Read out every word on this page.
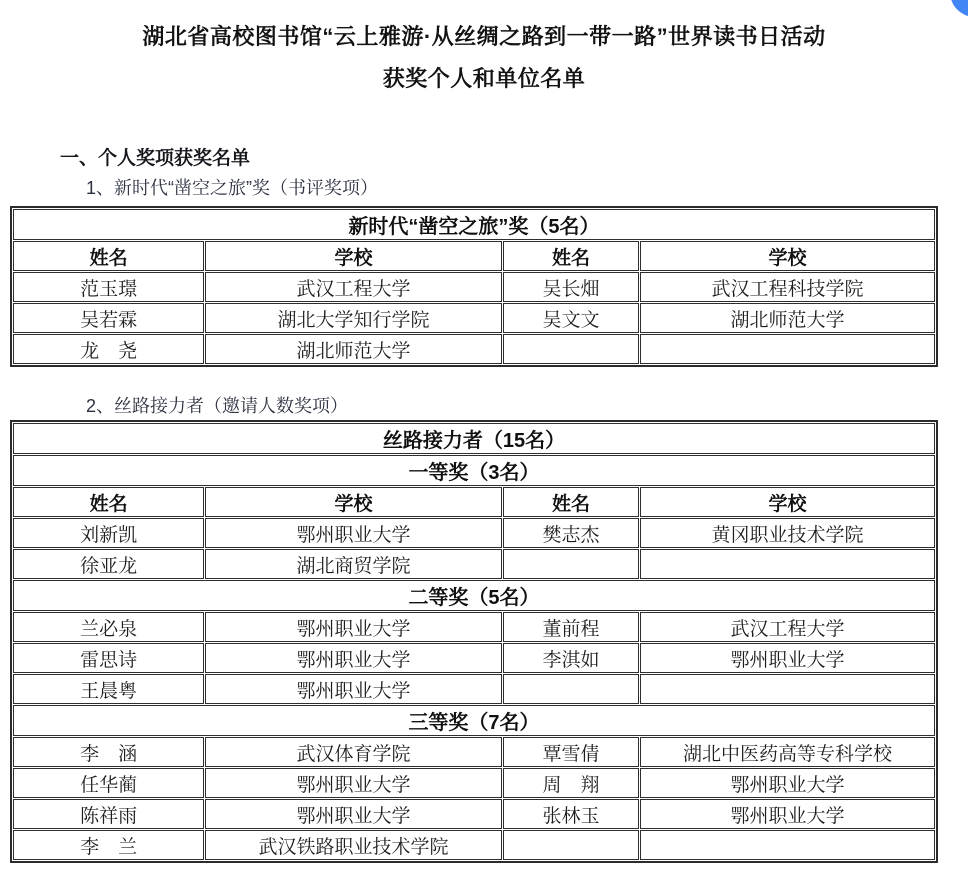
湖北省高校图书馆“云上雅游·从丝绸之路到一带一路”世界读书日活动
获奖个人和单位名单
一、个人奖项获奖名单
1、新时代“凿空之旅”奖（书评奖项）
新时代“凿空之旅”奖（5名）			
姓名	学校	姓名	学校
范玉璟	武汉工程大学	吴长畑	武汉工程科技学院
吴若霖	湖北大学知行学院	吴文文	湖北师范大学
龙　尧	湖北师范大学		
2、丝路接力者（邀请人数奖项）
丝路接力者（15名）			
一等奖（3名）			
姓名	学校	姓名	学校
刘新凯	鄂州职业大学	樊志杰	黄冈职业技术学院
徐亚龙	湖北商贸学院		
二等奖（5名）			
兰必泉	鄂州职业大学	董前程	武汉工程大学
雷思诗	鄂州职业大学	李淇如	鄂州职业大学
王晨粤	鄂州职业大学		
三等奖（7名）			
李　涵	武汉体育学院	覃雪倩	湖北中医药高等专科学校
任华蔺	鄂州职业大学	周　翔	鄂州职业大学
陈祥雨	鄂州职业大学	张林玉	鄂州职业大学
李　兰	武汉铁路职业技术学院		
